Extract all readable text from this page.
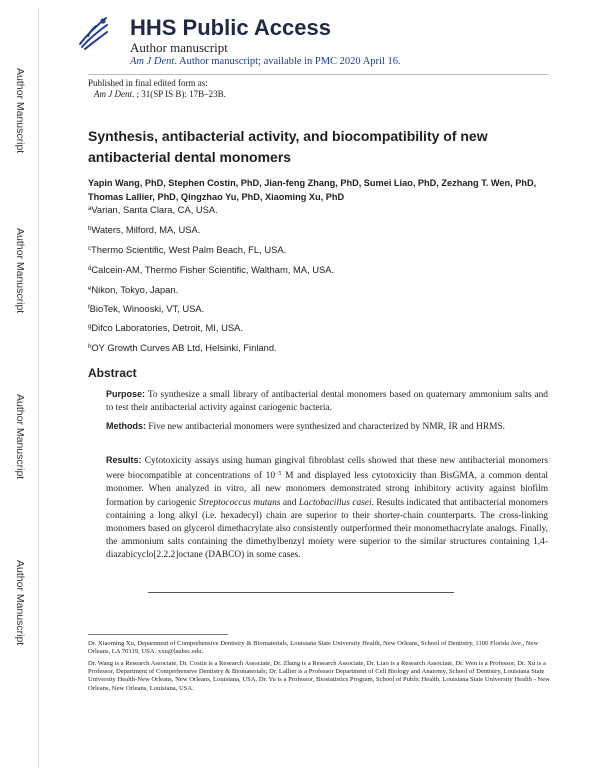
Author Manuscript
Author Manuscript
Author Manuscript
Author Manuscript
HHS Public Access
Author manuscript
Am J Dent. Author manuscript; available in PMC 2020 April 16.
Published in final edited form as:
Am J Dent. ; 31(SP IS B): 17B–23B.
Synthesis, antibacterial activity, and biocompatibility of new antibacterial dental monomers
Yapin Wang, PhD, Stephen Costin, PhD, Jian-feng Zhang, PhD, Sumei Liao, PhD, Zezhang T. Wen, PhD, Thomas Lallier, PhD, Qingzhao Yu, PhD, Xiaoming Xu, PhD
$^a$Varian, Santa Clara, CA, USA.
$^b$Waters, Milford, MA, USA.
$^c$Thermo Scientific, West Palm Beach, FL, USA.
$^d$Calcein-AM, Thermo Fisher Scientific, Waltham, MA, USA.
$^e$Nikon, Tokyo, Japan.
$^f$BioTek, Winooski, VT, USA.
$^g$Difco Laboratories, Detroit, MI, USA.
$^h$OY Growth Curves AB Ltd, Helsinki, Finland.
Abstract
Purpose: To synthesize a small library of antibacterial dental monomers based on quaternary ammonium salts and to test their antibacterial activity against cariogenic bacteria.
Methods: Five new antibacterial monomers were synthesized and characterized by NMR, IR and HRMS.
Results: Cytotoxicity assays using human gingival fibroblast cells showed that these new antibacterial monomers were biocompatible at concentrations of $10^{-5}$ M and displayed less cytotoxicity than BisGMA, a common dental monomer. When analyzed in vitro, all new monomers demonstrated strong inhibitory activity against biofilm formation by cariogenic Streptococcus mutans and Lactobacillus casei. Results indicated that antibacterial monomers containing a long alkyl (i.e. hexadecyl) chain are superior to their shorter-chain counterparts. The cross-linking monomers based on glycerol dimethacrylate also consistently outperformed their monomethacrylate analogs. Finally, the ammonium salts containing the dimethylbenzyl moiety were superior to the similar structures containing 1,4-diazabicyclo[2.2.2]octane (DABCO) in some cases.
Dr. Xiaoming Xu, Department of Comprehensive Dentistry & Biomaterials, Louisiana State University Health, New Orleans, School of Dentistry, 1100 Florida Ave., New Orleans, LA 70119, USA. xxu@lsuhsc.edu.
Dr. Wang is a Research Associate, Dr. Costin is a Research Associate, Dr. Zhang is a Research Associate, Dr. Liao is a Research Associate, Dr. Wen is a Professor, Dr. Xu is a Professor, Department of Comprehensive Dentistry & Biomaterials; Dr. Lallier is a Professor Department of Cell Biology and Anatomy, School of Dentistry, Louisiana State University Health-New Orleans, New Orleans, Louisiana, USA. Dr. Yu is a Professor, Biostatistics Program, School of Public Health, Louisiana State University Health - New Orleans, New Orleans, Louisiana, USA.
